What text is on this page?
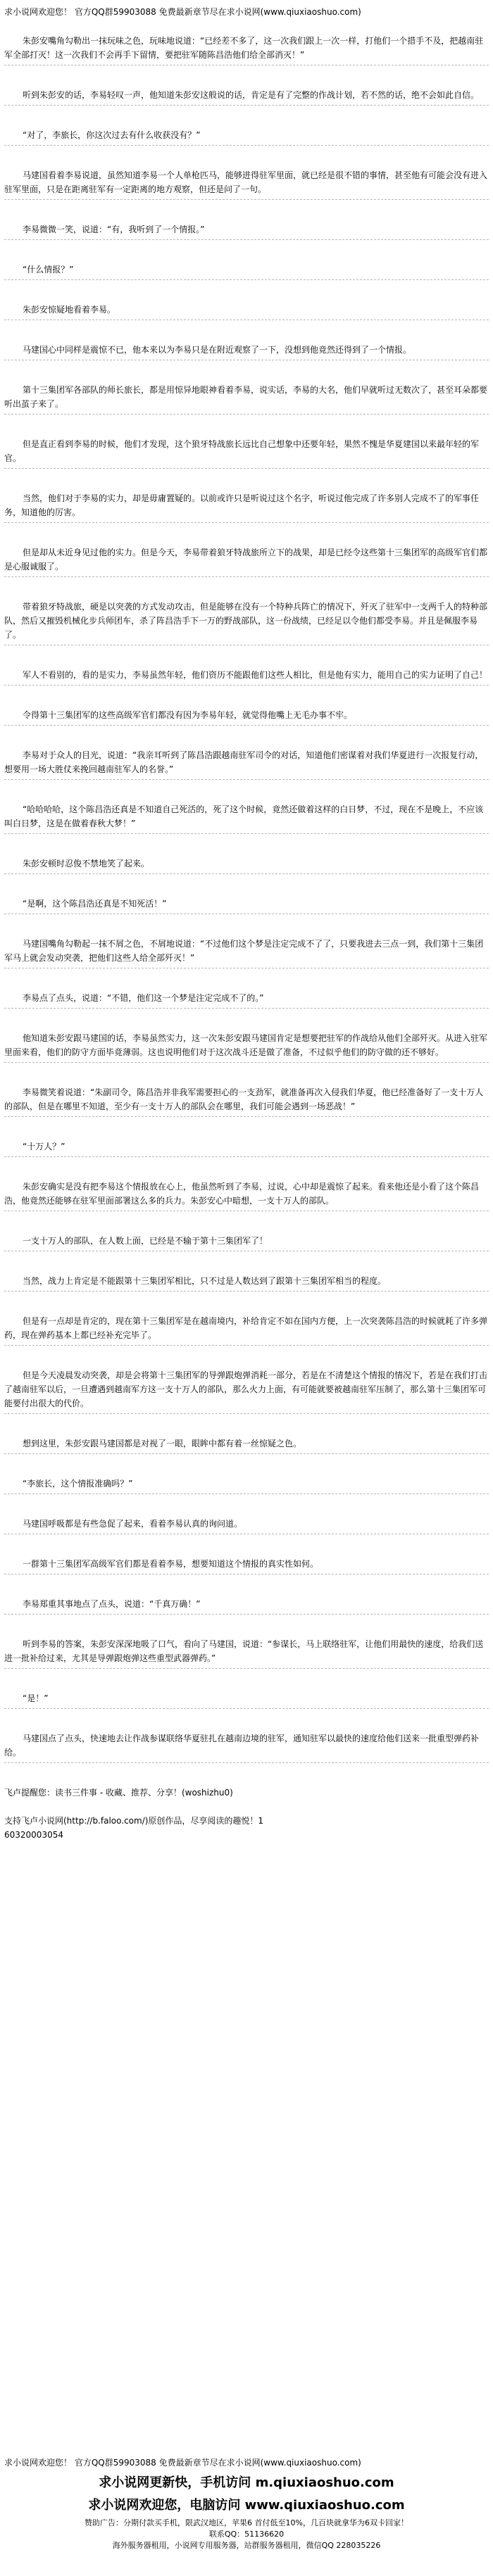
求小说网欢迎您！ 官方QQ群59903088 免费最新章节尽在求小说网(www.qiuxiaoshuo.com)

朱彭安嘴角勾勒出一抹玩味之色，玩味地说道：“已经差不多了，这一次我们跟上一次一样，打他们一个措手不及，把越南驻军全部打灭！这一次我们不会再手下留情，要把驻军随陈昌浩他们给全部消灭！”

听到朱彭安的话，李易轻叹一声，他知道朱彭安这般说的话，肯定是有了完整的作战计划，若不然的话，绝不会如此自信。

“对了，李旅长，你这次过去有什么收获没有？”

马建国看着李易说道，虽然知道李易一个人单枪匹马，能够进得驻军里面，就已经是很不错的事情，甚至他有可能会没有进入驻军里面，只是在距离驻军有一定距离的地方观察，但还是问了一句。

李易微微一笑，说道：“有，我听到了一个情报。”

“什么情报？”

朱彭安惊疑地看着李易。

马建国心中同样是震惊不已，他本来以为李易只是在附近观察了一下，没想到他竟然还得到了一个情报。

第十三集团军各部队的师长旅长，都是用惊异地眼神看着李易，说实话，李易的大名，他们早就听过无数次了，甚至耳朵都要听出茧子来了。

但是直正看到李易的时候，他们才发现，这个狼牙特战旅长远比自己想象中还要年轻，果然不愧是华夏建国以来最年轻的军官。

当然，他们对于李易的实力，却是毋庸置疑的。以前或许只是听说过这个名字，听说过他完成了许多别人完成不了的军事任务，知道他的厉害。

但是却从未近身见过他的实力。但是今天，李易带着狼牙特战旅所立下的战果，却是已经令这些第十三集团军的高级军官们都是心服诚服了。

带着狼牙特战旅，硬是以突袭的方式发动攻击，但是能够在没有一个特种兵阵亡的情况下，歼灭了驻军中一支两千人的特种部队，然后又摧毁机械化步兵师团车，杀了阵昌浩手下一万的野战部队，这一份战绩，已经足以令他们都受李易。并且是佩服李易了。

军人不看别的，看的是实力，李易虽然年轻，他们资历不能跟他们这些人相比，但是他有实力，能用自己的实力证明了自己！

令得第十三集团军的这些高级军官们都没有因为李易年轻，就觉得他嘴上无毛办事不牢。

李易对于众人的目光，说道：“我亲耳听到了陈昌浩跟越南驻军司令的对话，知道他们密谋着对我们华夏进行一次报复行动，想要用一场大胜仗来挽回越南驻军人的名誉。”

“哈哈哈哈，这个陈昌浩还真是不知道自己死活的，死了这个时候，竟然还做着这样的白日梦，不过，现在不是晚上，不应该叫白日梦，这是在做着春秋大梦！”

朱彭安顿时忍俊不禁地笑了起来。

“是啊，这个陈昌浩还真是不知死活！”

马建国嘴角勾勒起一抹不屑之色，不屑地说道：“不过他们这个梦是注定完成不了了，只要我进去三点一到，我们第十三集团军马上就会发动突袭，把他们这些人给全部歼灭！”

李易点了点头，说道：“不错，他们这一个梦是注定完成不了的。”

他知道朱彭安跟马建国的话，李易虽然实力，这一次朱彭安跟马建国肯定是想要把驻军的作战给从他们全部歼灭。从进入驻军里面来看，他们的防守方面毕竟薄弱。这也说明他们对于这次战斗还是做了准备，不过似乎他们的防守做的还不够好。

李易微笑着说道：“朱副司令，陈昌浩并非我军需要担心的一支劲军，就准备再次入侵我们华夏，他已经准备好了一支十万人的部队，但是在哪里不知道，至少有一支十万人的部队会在哪里，我们可能会遇到一场恶战！”

“十万人？”

朱彭安确实是没有把李易这个情报放在心上，他虽然听到了李易，过说，心中却是震惊了起来。看来他还是小看了这个陈昌浩，他竟然还能够在驻军里面部署这么多的兵力。朱彭安心中暗想，一支十万人的部队。

一支十万人的部队，在人数上面，已经是不输于第十三集团军了！

当然，战力上肯定是不能跟第十三集团军相比，只不过是人数达到了跟第十三集团军相当的程度。

但是有一点却是肯定的，现在第十三集团军是在越南境内，补给肯定不如在国内方便，上一次突袭陈昌浩的时候就耗了许多弹药，现在弹药基本上都已经补充完毕了。

但是今天凌晨发动突袭，却是会将第十三集团军的导弹跟炮弹消耗一部分，若是在不清楚这个情报的情况下，若是在我们打击了越南驻军以后，一旦遭遇到越南军方这一支十万人的部队，那么火力上面，有可能就要被越南驻军压制了，那么第十三集团军可能要付出很大的代价。

想到这里，朱彭安跟马建国都是对视了一眼，眼眸中都有着一丝惊疑之色。

“李旅长，这个情报准确吗？”

马建国呼吸都是有些急促了起来，看着李易认真的询问道。

一群第十三集团军高级军官们都是看着李易，想要知道这个情报的真实性如何。

李易郑重其事地点了点头，说道：“千真万确！”

听到李易的答案，朱彭安深深地吸了口气，看向了马建国，说道：“参谋长，马上联络驻军，让他们用最快的速度，给我们送进一批补给过来，尤其是导弹跟炮弹这些重型武器弹药。”

“是！”

马建国点了点头，快速地去让作战参谋联络华夏驻扎在越南边境的驻军，通知驻军以最快的速度给他们送来一批重型弹药补给。

飞卢提醒您：读书三件事 - 收藏、推荐、分享！(woshizhu0)

支持飞卢小说网(http://b.faloo.com/)原创作品，尽享阅读的趣悦！1

60320003054

求小说网欢迎您！ 官方QQ群59903088 免费最新章节尽在求小说网(www.qiuxiaoshuo.com)
求小说网更新快，手机访问 m.qiuxiaoshuo.com
求小说网欢迎您，电脑访问 www.qiuxiaoshuo.com
赞助广告：分期付款买手机，限武汉地区，苹果6 首付低至10%，几百块就拿华为6双卡回家！
联系QQ：51136620
海外服务器租用，小说网专用服务器，站群服务器租用，微信QQ 228035226
